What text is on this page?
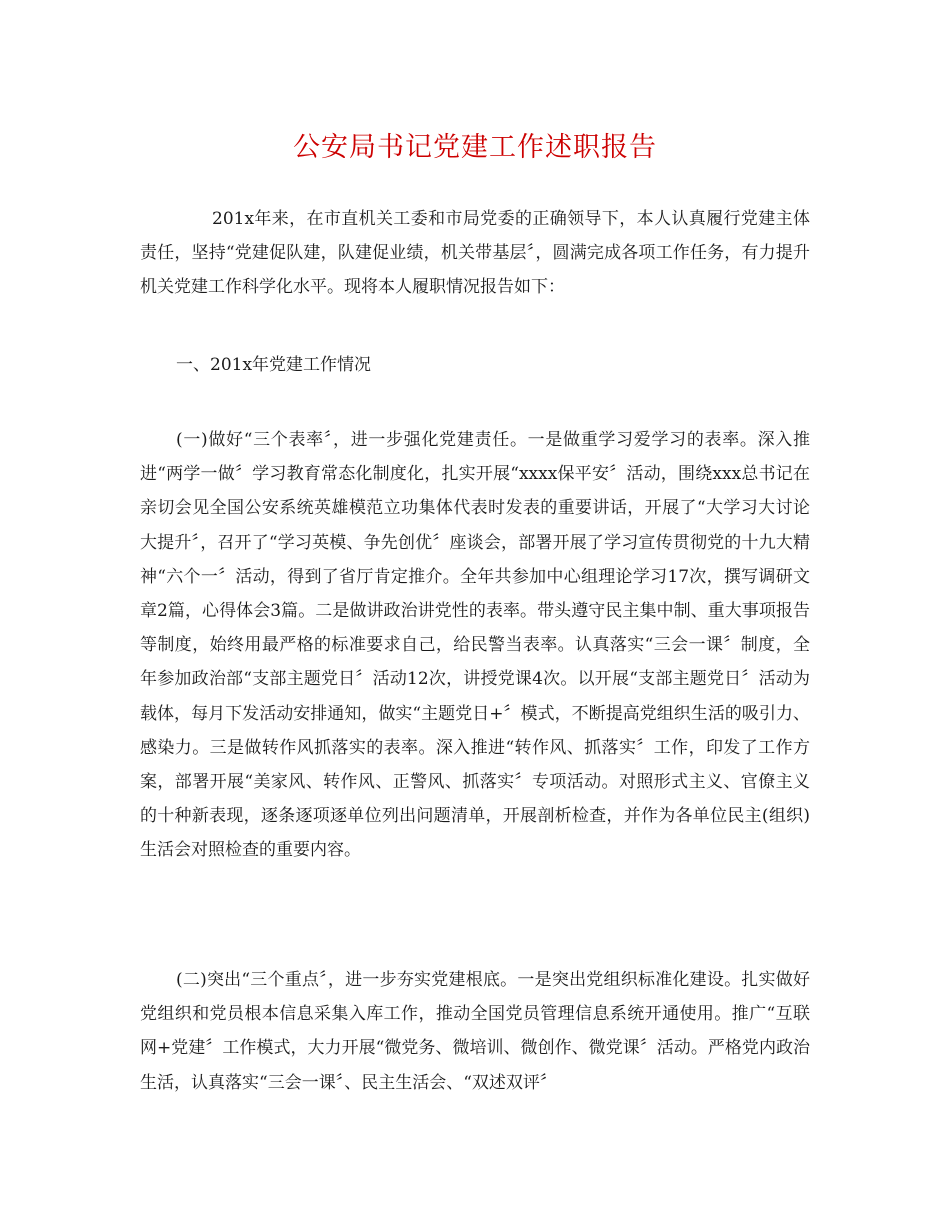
公安局书记党建工作述职报告

201x年来，在市直机关工委和市局党委的正确领导下，本人认真履行党建主体责任，坚持“党建促队建，队建促业绩，机关带基层〞，圆满完成各项工作任务，有力提升机关党建工作科学化水平。现将本人履职情况报告如下：

一、201x年党建工作情况

(一)做好“三个表率〞，进一步强化党建责任。一是做重学习爱学习的表率。深入推进“两学一做〞学习教育常态化制度化，扎实开展“xxxx保平安〞活动，围绕xxx总书记在亲切会见全国公安系统英雄模范立功集体代表时发表的重要讲话，开展了“大学习大讨论大提升〞，召开了“学习英模、争先创优〞座谈会，部署开展了学习宣传贯彻党的十九大精神“六个一〞活动，得到了省厅肯定推介。全年共参加中心组理论学习17次，撰写调研文章2篇，心得体会3篇。二是做讲政治讲党性的表率。带头遵守民主集中制、重大事项报告等制度，始终用最严格的标准要求自己，给民警当表率。认真落实“三会一课〞制度，全年参加政治部“支部主题党日〞活动12次，讲授党课4次。以开展“支部主题党日〞活动为载体，每月下发活动安排通知，做实“主题党日+〞模式，不断提高党组织生活的吸引力、感染力。三是做转作风抓落实的表率。深入推进“转作风、抓落实〞工作，印发了工作方案，部署开展“美家风、转作风、正警风、抓落实〞专项活动。对照形式主义、官僚主义的十种新表现，逐条逐项逐单位列出问题清单，开展剖析检查，并作为各单位民主(组织)生活会对照检查的重要内容。

(二)突出“三个重点〞，进一步夯实党建根底。一是突出党组织标准化建设。扎实做好党组织和党员根本信息采集入库工作，推动全国党员管理信息系统开通使用。推广“互联网+党建〞工作模式，大力开展“微党务、微培训、微创作、微党课〞活动。严格党内政治生活，认真落实“三会一课〞、民主生活会、“双述双评〞
